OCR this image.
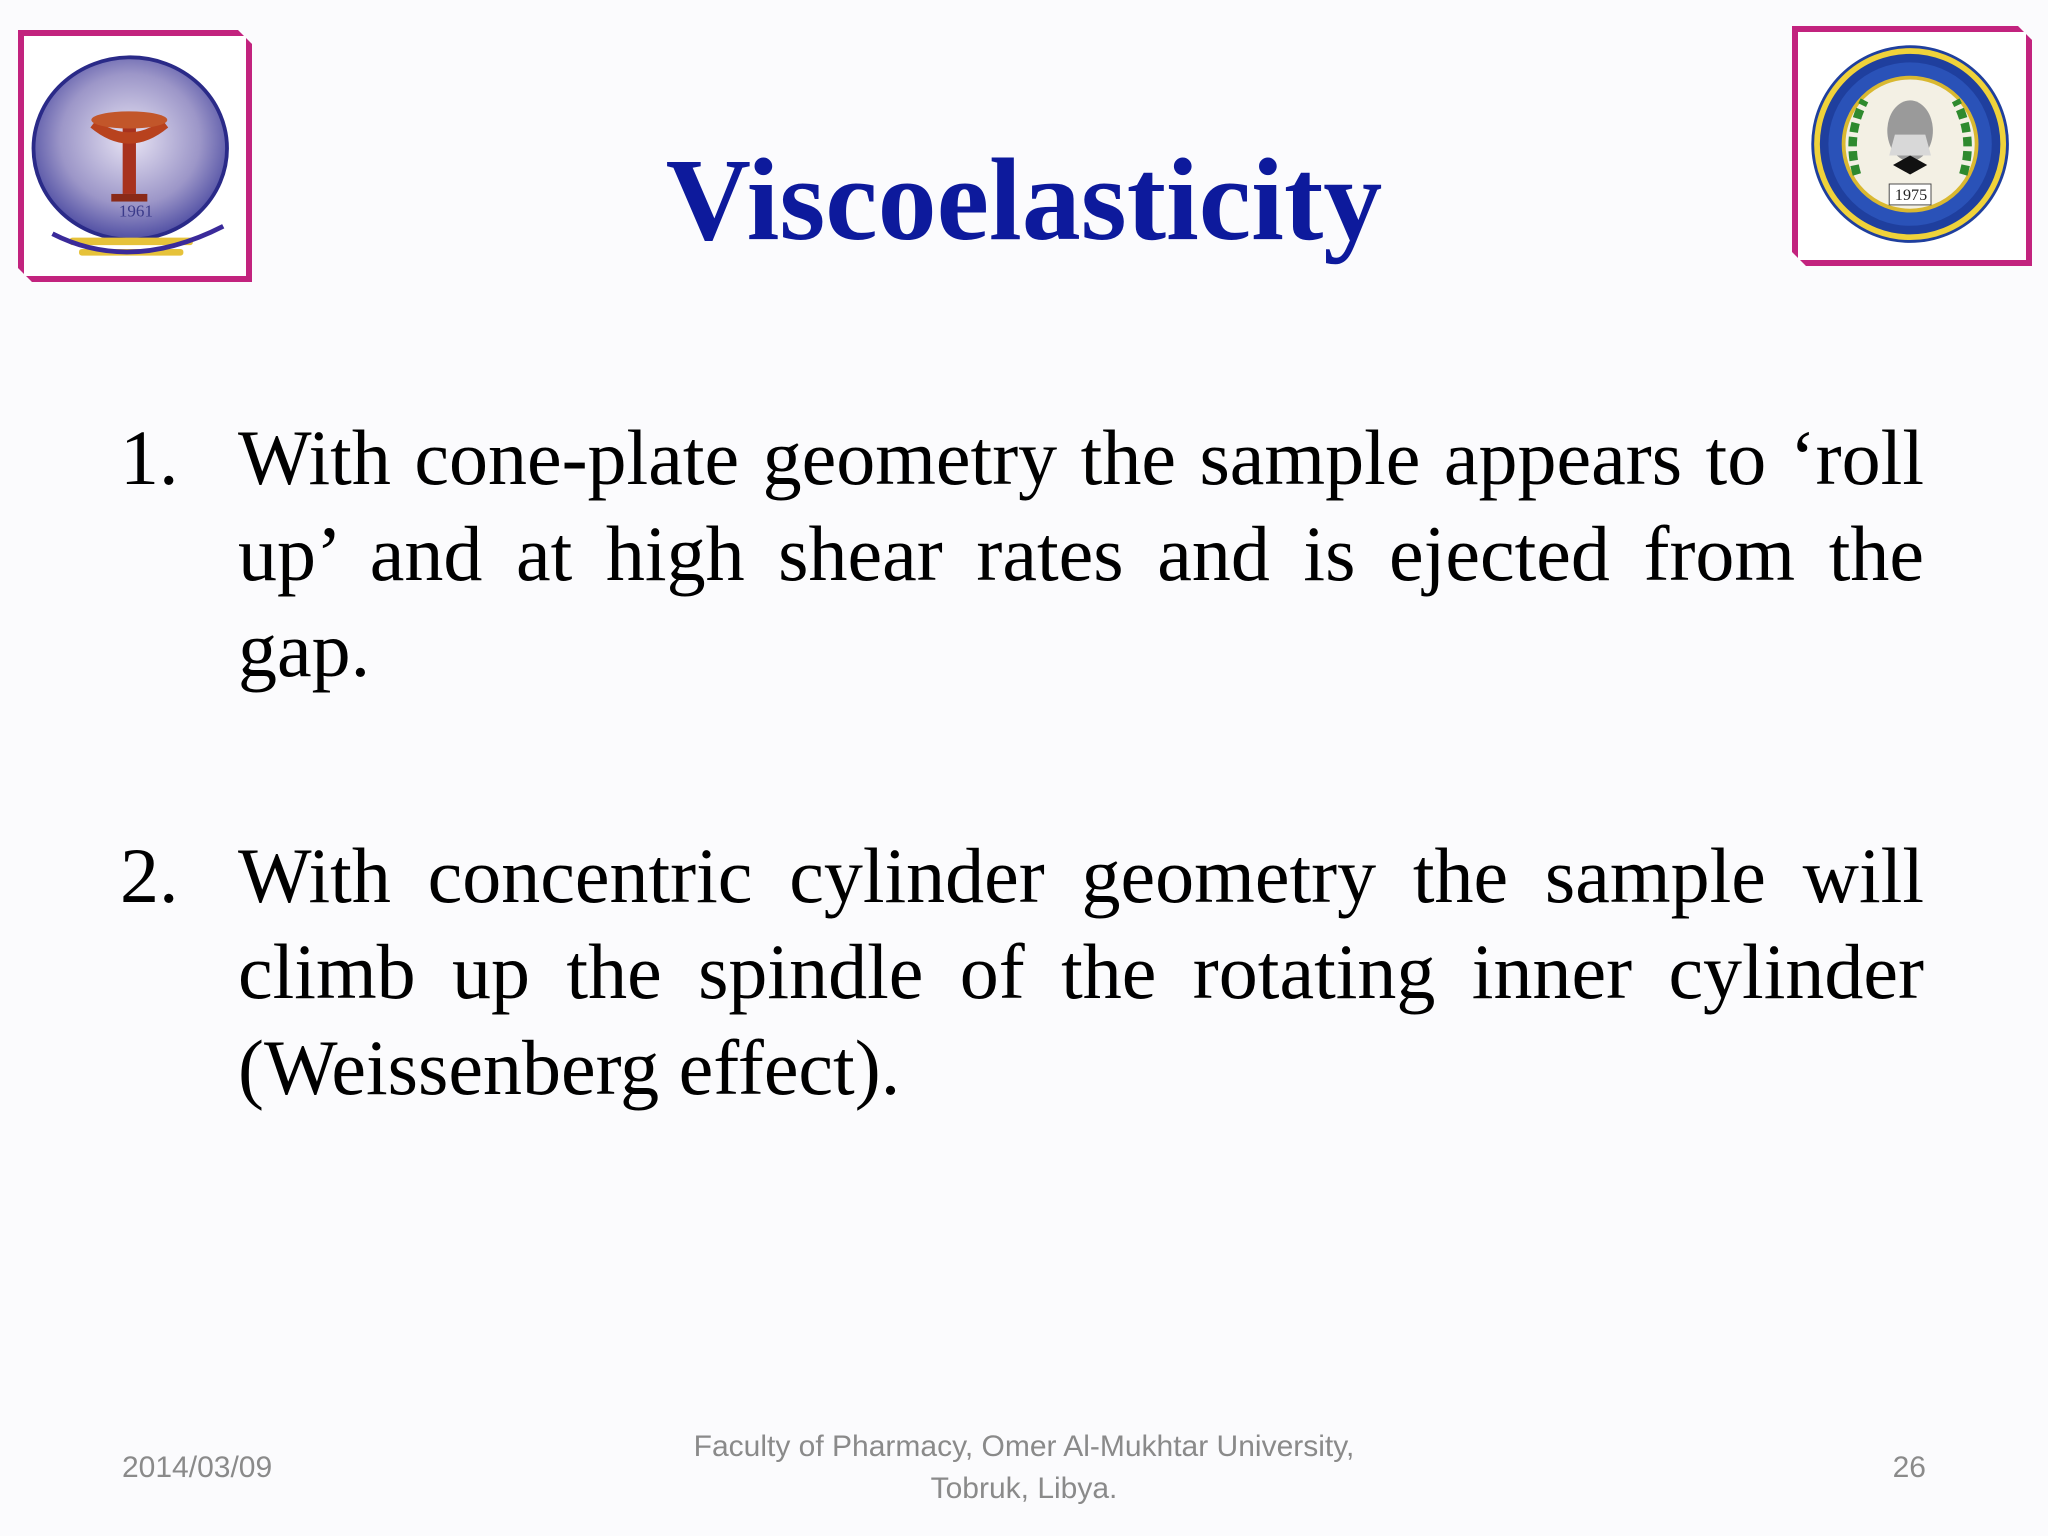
1961
1975
Viscoelasticity
1. With cone-plate geometry the sample appears to ‘roll up’ and at high shear rates and is ejected from the gap.
2. With concentric cylinder geometry the sample will climb up the spindle of the rotating inner cylinder (Weissenberg effect).
2014/03/09
Faculty of Pharmacy, Omer Al-Mukhtar University,
Tobruk, Libya.
26
